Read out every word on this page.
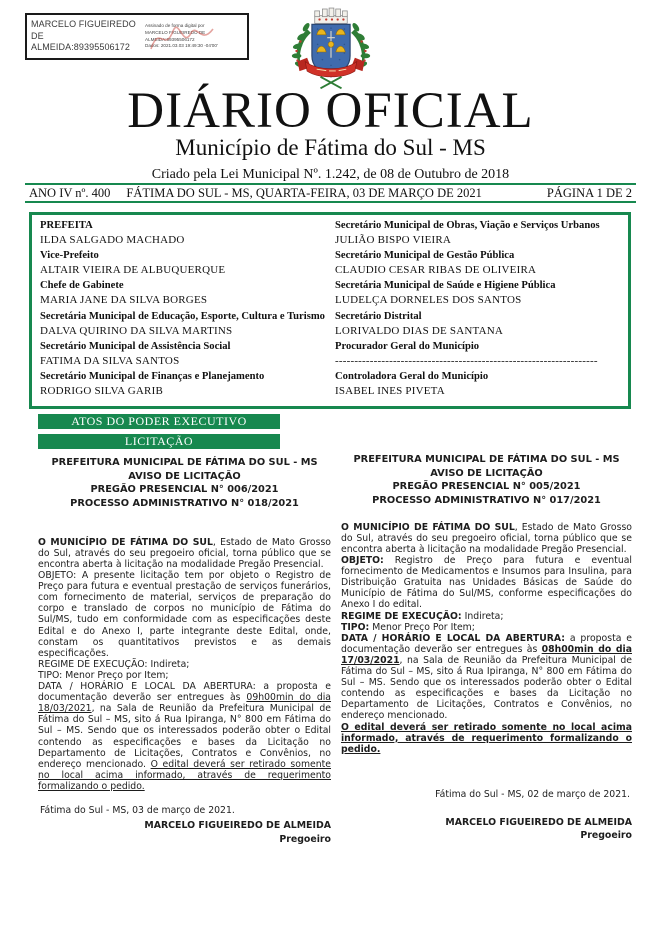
MARCELO FIGUEIREDO DE ALMEIDA:89395506172
Assinado de forma digital por
MARCELO FIGUEIREDO DE
ALMEIDA:89395506172
Dados: 2021.03.03 19:49:30 -04'00'
DIÁRIO OFICIAL
Município de Fátima do Sul - MS
Criado pela Lei Municipal Nº. 1.242, de 08 de Outubro de 2018
ANO IV nº. 400 FÁTIMA DO SUL - MS, QUARTA-FEIRA, 03 DE MARÇO DE 2021	PÁGINA 1 DE 2
PREFEITA
ILDA SALGADO MACHADO
Vice-Prefeito
ALTAIR VIEIRA DE ALBUQUERQUE
Chefe de Gabinete
MARIA JANE DA SILVA BORGES
Secretária Municipal de Educação, Esporte, Cultura e Turismo
DALVA QUIRINO DA SILVA MARTINS
Secretário Municipal de Assistência Social
FATIMA DA SILVA SANTOS
Secretário Municipal de Finanças e Planejamento
RODRIGO SILVA GARIB
Secretário Municipal de Obras, Viação e Serviços Urbanos
JULIÃO BISPO VIEIRA
Secretário Municipal de Gestão Pública
CLAUDIO CESAR RIBAS DE OLIVEIRA
Secretária Municipal de Saúde e Higiene Pública
LUDELÇA DORNELES DOS SANTOS
Secretário Distrital
LORIVALDO DIAS DE SANTANA
Procurador Geral do Município
--------------------------------------------------------------------
Controladora Geral do Município
ISABEL INES PIVETA
ATOS DO PODER EXECUTIVO
LICITAÇÃO
PREFEITURA MUNICIPAL DE FÁTIMA DO SUL - MS
AVISO DE LICITAÇÃO
PREGÃO PRESENCIAL N° 006/2021
PROCESSO ADMINISTRATIVO N° 018/2021
O MUNICÍPIO DE FÁTIMA DO SUL, Estado de Mato Grosso do Sul, através do seu pregoeiro oficial, torna público que se encontra aberta à licitação na modalidade Pregão Presencial.
OBJETO: A presente licitação tem por objeto o Registro de Preço para futura e eventual prestação de serviços funerários, com fornecimento de material, serviços de preparação do corpo e translado de corpos no município de Fátima do Sul/MS, tudo em conformidade com as especificações deste Edital e do Anexo I, parte integrante deste Edital, onde, constam os quantitativos previstos e as demais especificações.
REGIME DE EXECUÇÃO: Indireta;
TIPO: Menor Preço por Item;
DATA / HORÁRIO E LOCAL DA ABERTURA: a proposta e documentação deverão ser entregues às 09h00min do dia 18/03/2021, na Sala de Reunião da Prefeitura Municipal de Fátima do Sul – MS, sito á Rua Ipiranga, N° 800 em Fátima do Sul – MS. Sendo que os interessados poderão obter o Edital contendo as especificações e bases da Licitação no Departamento de Licitações, Contratos e Convênios, no endereço mencionado. O edital deverá ser retirado somente no local acima informado, através de requerimento formalizando o pedido.
Fátima do Sul - MS, 03 de março de 2021.
MARCELO FIGUEIREDO DE ALMEIDA
Pregoeiro
PREFEITURA MUNICIPAL DE FÁTIMA DO SUL - MS
AVISO DE LICITAÇÃO
PREGÃO PRESENCIAL N° 005/2021
PROCESSO ADMINISTRATIVO N° 017/2021
O MUNICÍPIO DE FÁTIMA DO SUL, Estado de Mato Grosso do Sul, através do seu pregoeiro oficial, torna público que se encontra aberta à licitação na modalidade Pregão Presencial.
OBJETO: Registro de Preço para futura e eventual fornecimento de Medicamentos e Insumos para Insulina, para Distribuição Gratuita nas Unidades Básicas de Saúde do Município de Fátima do Sul/MS, conforme especificações do Anexo I do edital.
REGIME DE EXECUÇÃO: Indireta;
TIPO: Menor Preço Por Item;
DATA / HORÁRIO E LOCAL DA ABERTURA: a proposta e documentação deverão ser entregues às 08h00min do dia 17/03/2021, na Sala de Reunião da Prefeitura Municipal de Fátima do Sul – MS, sito á Rua Ipiranga, N° 800 em Fátima do Sul – MS. Sendo que os interessados poderão obter o Edital contendo as especificações e bases da Licitação no Departamento de Licitações, Contratos e Convênios, no endereço mencionado.
O edital deverá ser retirado somente no local acima informado, através de requerimento formalizando o pedido.
Fátima do Sul - MS, 02 de março de 2021.
MARCELO FIGUEIREDO DE ALMEIDA
Pregoeiro
